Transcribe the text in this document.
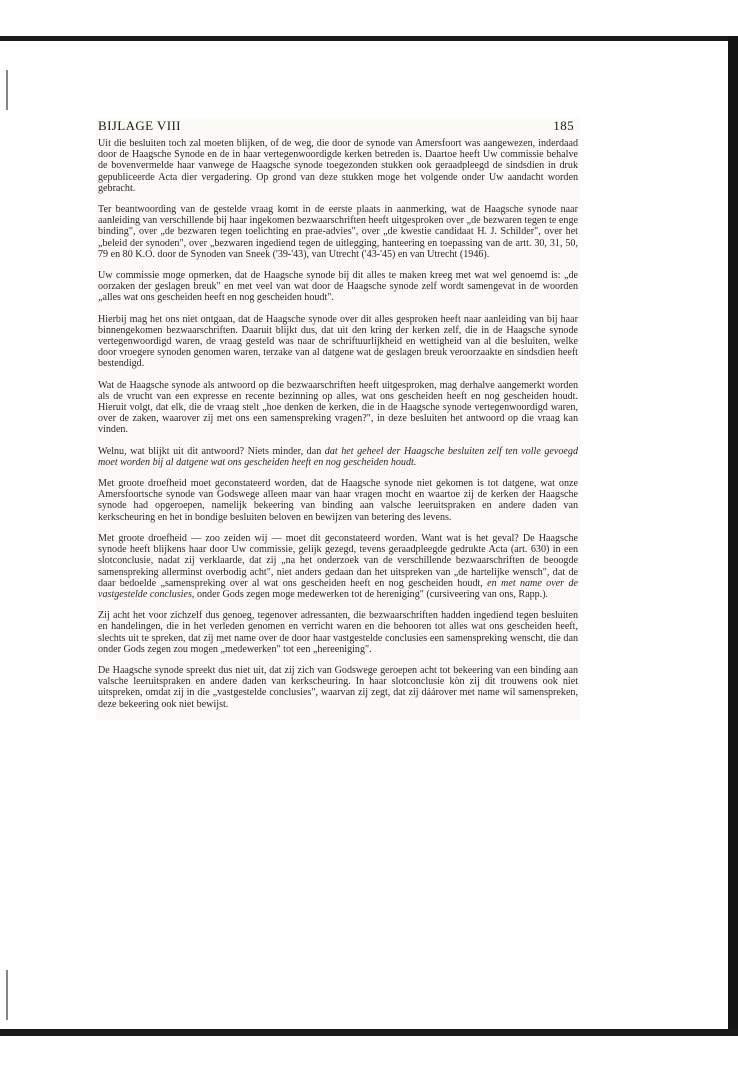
BIJLAGE VIII	185

Uit die besluiten toch zal moeten blijken, of de weg, die door de synode van Amersfoort was aangewezen, inderdaad door de Haagsche Synode en de in haar vertegenwoordigde kerken betreden is. Daartoe heeft Uw commissie behalve de bovenvermelde haar vanwege de Haagsche synode toegezonden stukken ook geraadpleegd de sindsdien in druk gepubliceerde Acta dier vergadering. Op grond van deze stukken moge het volgende onder Uw aandacht worden gebracht.

Ter beantwoording van de gestelde vraag komt in de eerste plaats in aanmerking, wat de Haagsche synode naar aanleiding van verschillende bij haar ingekomen bezwaarschriften heeft uitgesproken over „de bezwaren tegen te enge binding", over „de bezwaren tegen toelichting en prae-advies", over „de kwestie candidaat H. J. Schilder", over het „beleid der synoden", over „bezwaren ingediend tegen de uitlegging, hanteering en toepassing van de artt. 30, 31, 50, 79 en 80 K.O. door de Synoden van Sneek ('39-'43), van Utrecht ('43-'45) en van Utrecht (1946).

Uw commissie moge opmerken, dat de Haagsche synode bij dit alles te maken kreeg met wat wel genoemd is: „de oorzaken der geslagen breuk" en met veel van wat door de Haagsche synode zelf wordt samengevat in de woorden „alles wat ons gescheiden heeft en nog gescheiden houdt".

Hierbij mag het ons niet ontgaan, dat de Haagsche synode over dit alles gesproken heeft naar aanleiding van bij haar binnengekomen bezwaarschriften. Daaruit blijkt dus, dat uit den kring der kerken zelf, die in de Haagsche synode vertegenwoordigd waren, de vraag gesteld was naar de schriftuurlijkheid en wettigheid van al die besluiten, welke door vroegere synoden genomen waren, terzake van al datgene wat de geslagen breuk veroorzaakte en sindsdien heeft bestendigd.

Wat de Haagsche synode als antwoord op die bezwaarschriften heeft uitgesproken, mag derhalve aangemerkt worden als de vrucht van een expresse en recente bezinning op alles, wat ons gescheiden heeft en nog gescheiden houdt. Hieruit volgt, dat elk, die de vraag stelt „hoe denken de kerken, die in de Haagsche synode vertegenwoordigd waren, over de zaken, waarover zij met ons een samenspreking vragen?", in deze besluiten het antwoord op die vraag kan vinden.

Welnu, wat blijkt uit dit antwoord? Niets minder, dan dat het geheel der Haagsche besluiten zelf ten volle gevoegd moet worden bij al datgene wat ons gescheiden heeft en nog gescheiden houdt.

Met groote droefheid moet geconstateerd worden, dat de Haagsche synode niet gekomen is tot datgene, wat onze Amersfoortsche synode van Godswege alleen maar van haar vragen mocht en waartoe zij de kerken der Haagsche synode had opgeroepen, namelijk bekeering van binding aan valsche leeruitspraken en andere daden van kerkscheuring en het in bondige besluiten beloven en bewijzen van betering des levens.

Met groote droefheid — zoo zeiden wij — moet dit geconstateerd worden. Want wat is het geval? De Haagsche synode heeft blijkens haar door Uw commissie, gelijk gezegd, tevens geraadpleegde gedrukte Acta (art. 630) in een slotconclusie, nadat zij verklaarde, dat zij „na het onderzoek van de verschillende bezwaarschriften de beoogde samenspreking allerminst overbodig acht", niet anders gedaan dan het uitspreken van „de hartelijke wensch", dat de daar bedoelde „samenspreking over al wat ons gescheiden heeft en nog gescheiden houdt, en met name over de vastgestelde conclusies, onder Gods zegen moge medewerken tot de hereniging" (cursiveering van ons, Rapp.).

Zij acht het voor zichzelf dus genoeg, tegenover adressanten, die bezwaarschriften hadden ingediend tegen besluiten en handelingen, die in het verleden genomen en verricht waren en die behooren tot alles wat ons gescheiden heeft, slechts uit te spreken, dat zij met name over de door haar vastgestelde conclusies een samenspreking wenscht, die dan onder Gods zegen zou mogen „medewerken" tot een „hereeniging".

De Haagsche synode spreekt dus niet uit, dat zij zich van Godswege geroepen acht tot bekeering van een binding aan valsche leeruitspraken en andere daden van kerkscheuring. In haar slotconclusie kòn zij dit trouwens ook niet uitspreken, omdat zij in die „vastgestelde conclusies", waarvan zij zegt, dat zij dáárover met name wil samenspreken, deze bekeering ook niet bewijst.
